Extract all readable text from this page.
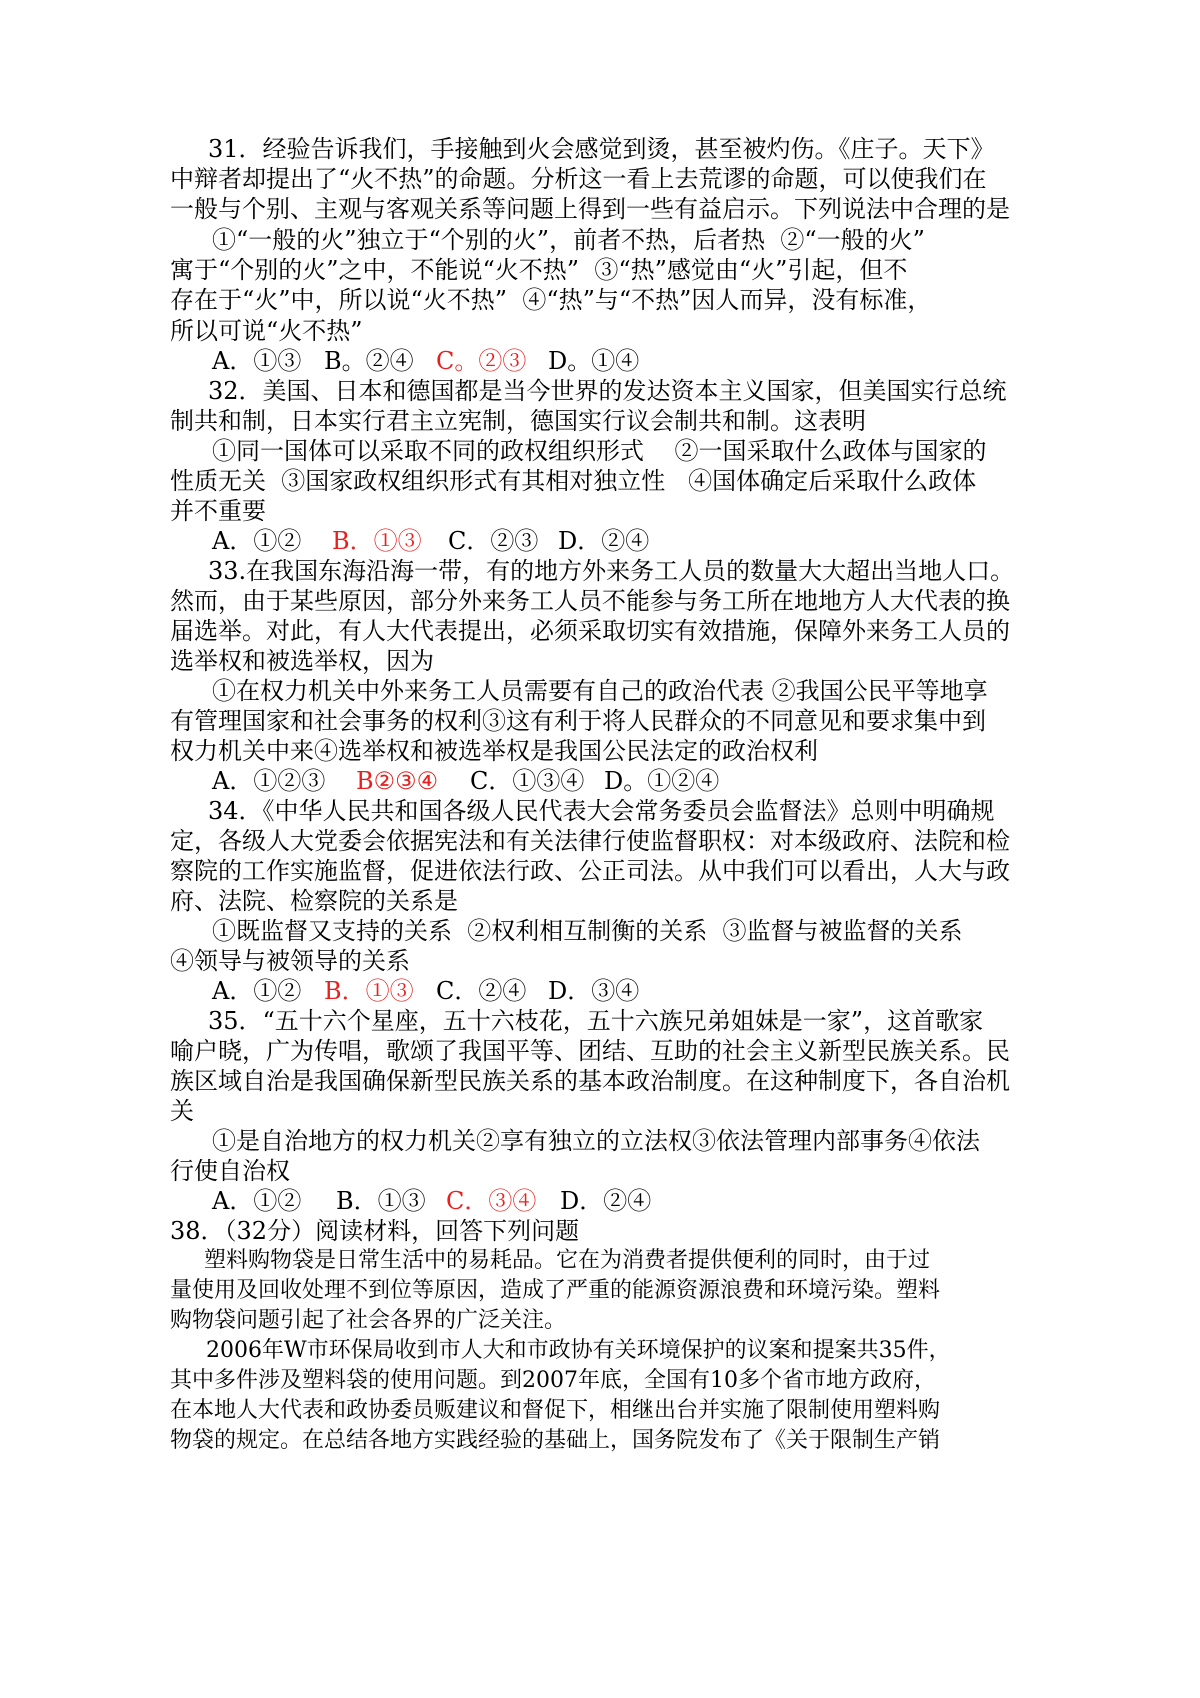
31．经验告诉我们，手接触到火会感觉到烫，甚至被灼伤。《庄子。天下》
中辩者却提出了“火不热”的命题。分析这一看上去荒谬的命题，可以使我们在
一般与个别、主观与客观关系等问题上得到一些有益启示。下列说法中合理的是
①“一般的火”独立于“个别的火”，前者不热，后者热  ②“一般的火”
寓于“个别的火”之中，不能说“火不热”  ③“热”感觉由“火”引起，但不
存在于“火”中，所以说“火不热”  ④“热”与“不热”因人而异，没有标准，
所以可说“火不热”
A．①③ B。②④ C。②③ D。①④
32．美国、日本和德国都是当今世界的发达资本主义国家，但美国实行总统
制共和制，日本实行君主立宪制，德国实行议会制共和制。这表明
①同一国体可以采取不同的政权组织形式    ②一国采取什么政体与国家的
性质无关  ③国家政权组织形式有其相对独立性   ④国体确定后采取什么政体
并不重要
A．①② B．①③ C．②③ D．②④
33.在我国东海沿海一带，有的地方外来务工人员的数量大大超出当地人口。
然而，由于某些原因，部分外来务工人员不能参与务工所在地地方人大代表的换
届选举。对此，有人大代表提出，必须采取切实有效措施，保障外来务工人员的
选举权和被选举权，因为
①在权力机关中外来务工人员需要有自己的政治代表 ②我国公民平等地享
有管理国家和社会事务的权利③这有利于将人民群众的不同意见和要求集中到
权力机关中来④选举权和被选举权是我国公民法定的政治权利
A．①②③ B②③④ C．①③④ D。①②④
34．《中华人民共和国各级人民代表大会常务委员会监督法》总则中明确规
定，各级人大党委会依据宪法和有关法律行使监督职权：对本级政府、法院和检
察院的工作实施监督，促进依法行政、公正司法。从中我们可以看出，人大与政
府、法院、检察院的关系是
①既监督又支持的关系  ②权利相互制衡的关系  ③监督与被监督的关系
④领导与被领导的关系
A．①② B．①③ C．②④ D．③④
35．“五十六个星座，五十六枝花，五十六族兄弟姐妹是一家”，这首歌家
喻户晓，广为传唱，歌颂了我国平等、团结、互助的社会主义新型民族关系。民
族区域自治是我国确保新型民族关系的基本政治制度。在这种制度下，各自治机
关
①是自治地方的权力机关②享有独立的立法权③依法管理内部事务④依法
行使自治权
A．①② B．①③ C．③④ D．②④
38．（32分）阅读材料，回答下列问题
塑料购物袋是日常生活中的易耗品。它在为消费者提供便利的同时，由于过
量使用及回收处理不到位等原因，造成了严重的能源资源浪费和环境污染。塑料
购物袋问题引起了社会各界的广泛关注。
2006年W市环保局收到市人大和市政协有关环境保护的议案和提案共35件，
其中多件涉及塑料袋的使用问题。到2007年底，全国有10多个省市地方政府，
在本地人大代表和政协委员贩建议和督促下，相继出台并实施了限制使用塑料购
物袋的规定。在总结各地方实践经验的基础上，国务院发布了《关于限制生产销
